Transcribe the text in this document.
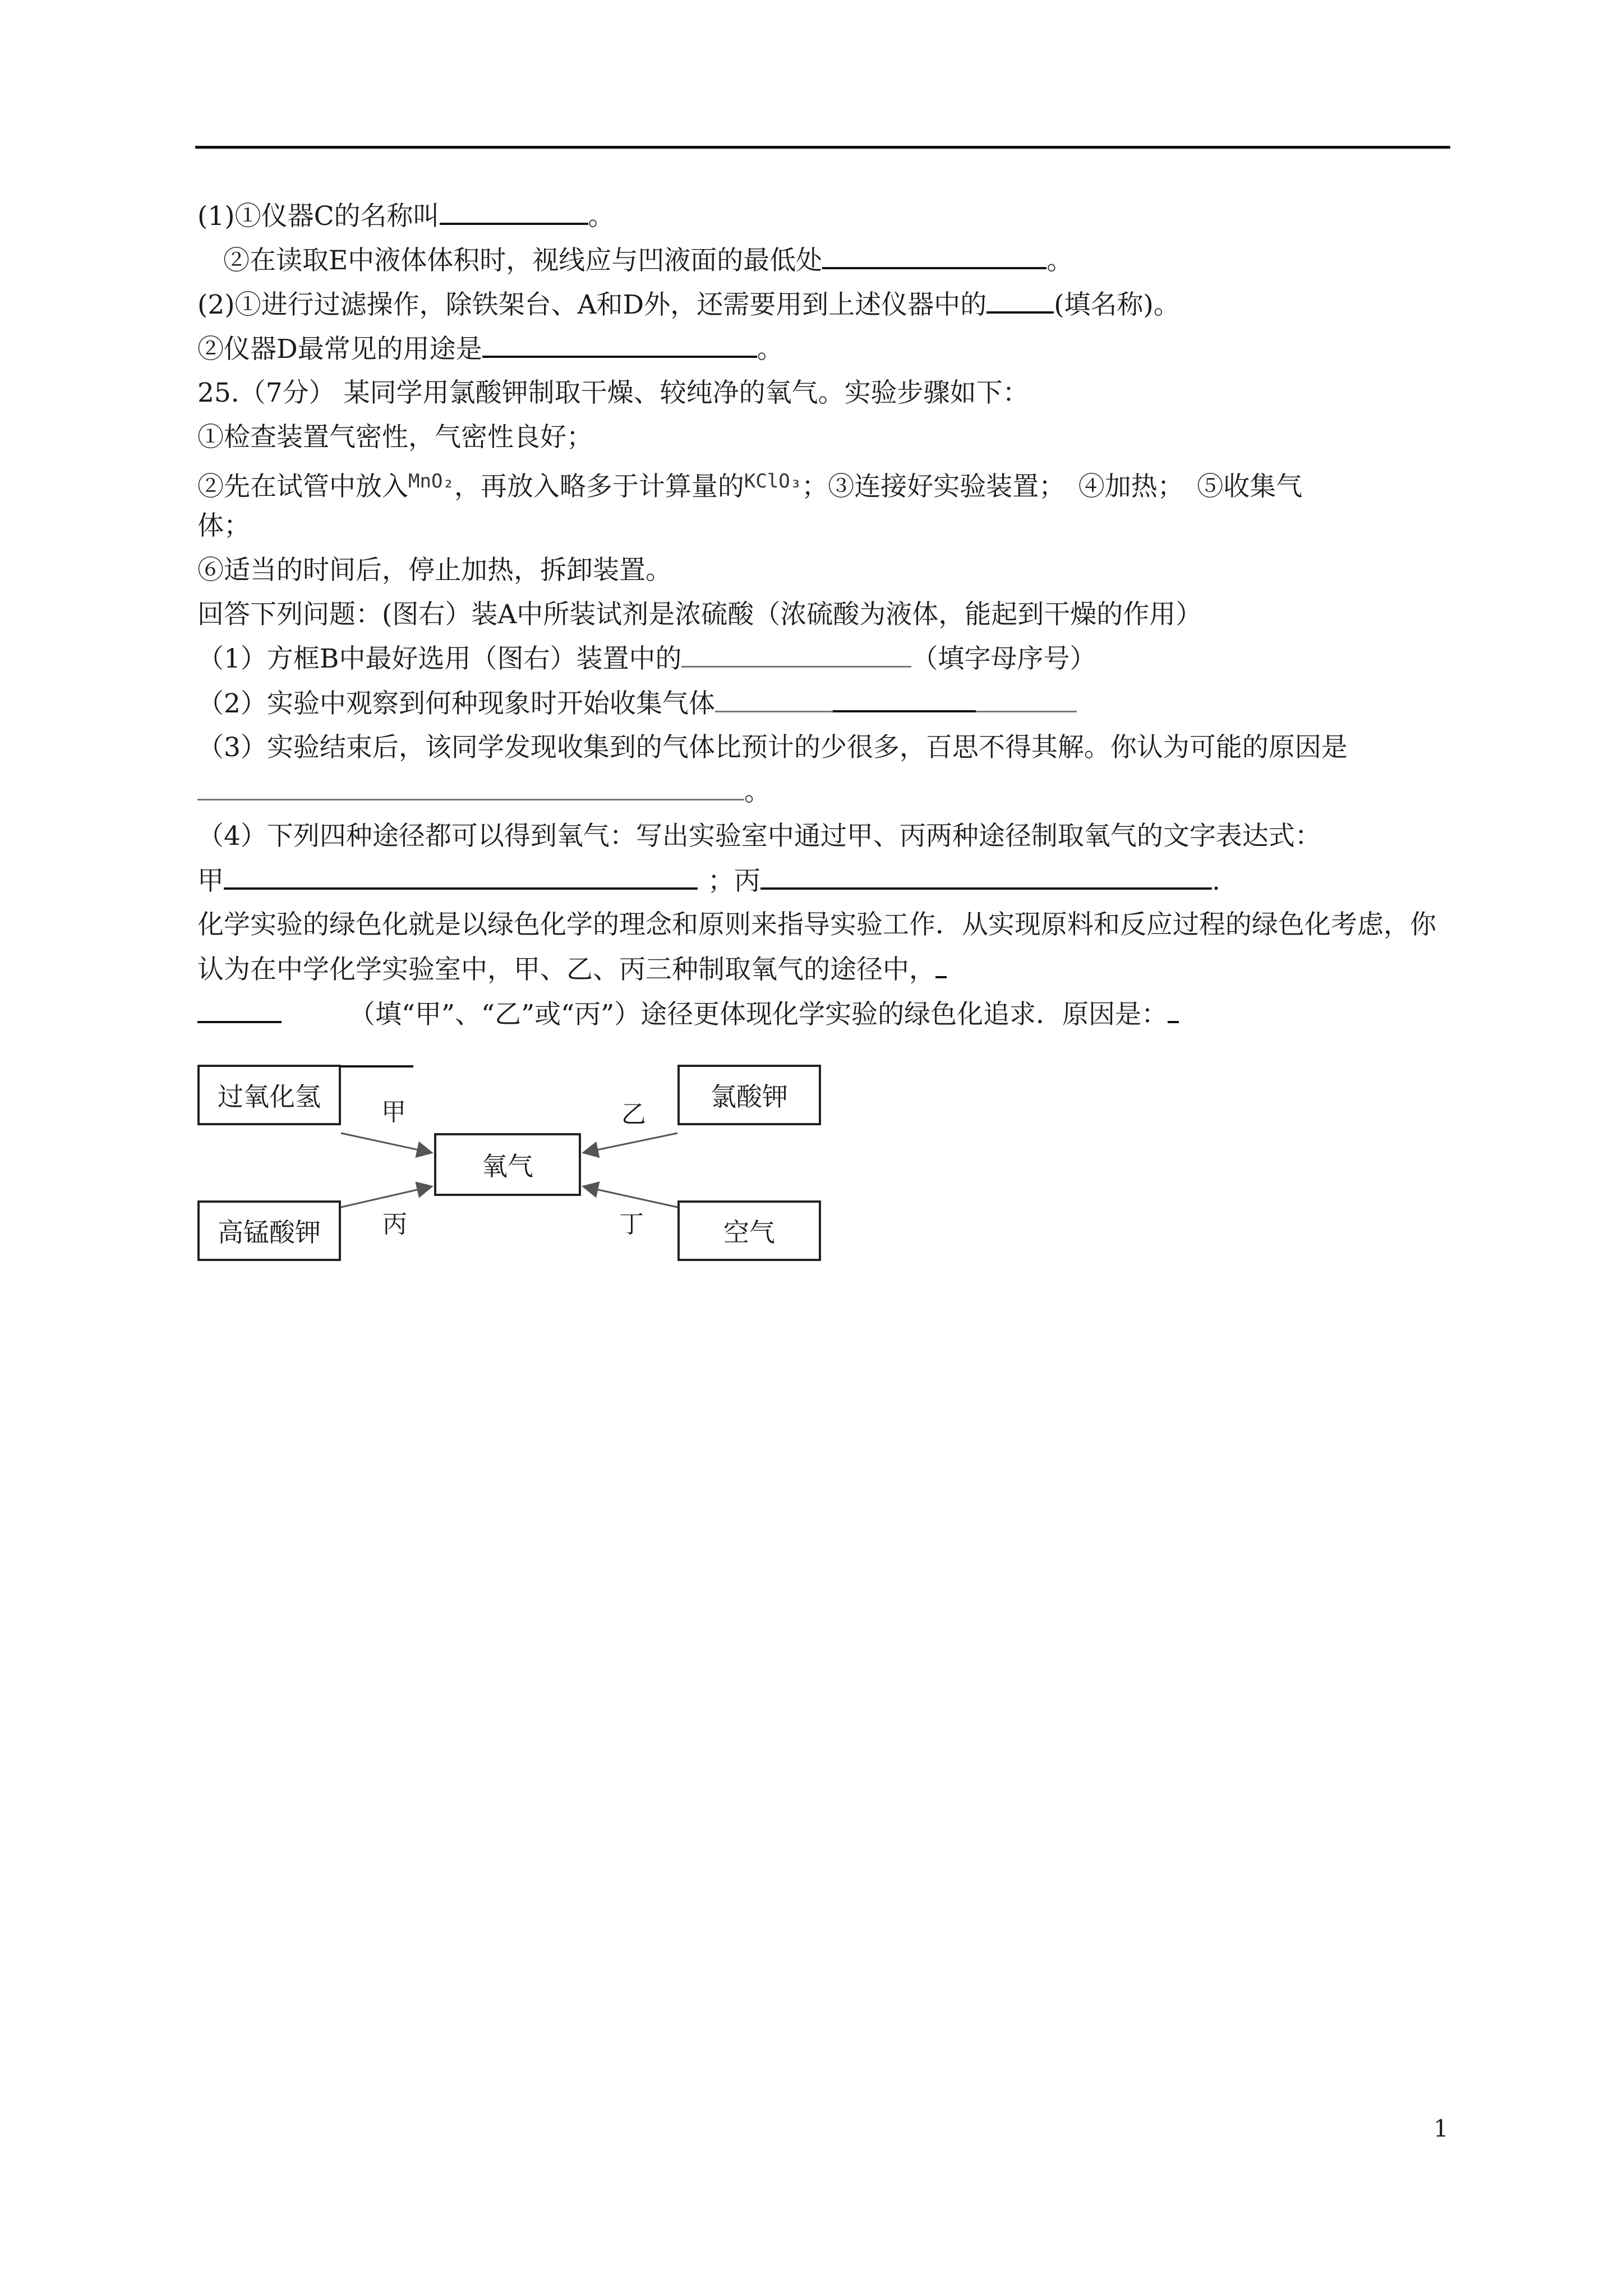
(1)①仪器C的名称叫	。
②在读取E中液体体积时，视线应与凹液面的最低处	。
(2)①进行过滤操作，除铁架台、A和D外，还需要用到上述仪器中的	(填名称)。
②仪器D最常见的用途是	。
25.（7分） 某同学用氯酸钾制取干燥、较纯净的氧气。实验步骤如下：
①检查装置气密性，气密性良好；
②先在试管中放入$^{MnO_2}$，再放入略多于计算量的$^{KClO_3}$；③连接好实验装置；　④加热；　⑤收集气
体；
⑥适当的时间后，停止加热，拆卸装置。
回答下列问题：(图右）装A中所装试剂是浓硫酸（浓硫酸为液体，能起到干燥的作用）
（1）方框B中最好选用（图右）装置中的	（填字母序号）
（2）实验中观察到何种现象时开始收集气体
（3）实验结束后，该同学发现收集到的气体比预计的少很多，百思不得其解。你认为可能的原因是
。
（4）下列四种途径都可以得到氧气：写出实验室中通过甲、丙两种途径制取氧气的文字表达式：
甲	；丙	.
化学实验的绿色化就是以绿色化学的理念和原则来指导实验工作．从实现原料和反应过程的绿色化考虑，你认为在中学化学实验室中，甲、乙、丙三种制取氧气的途径中，
（填“甲”、“乙”或“丙”）途径更体现化学实验的绿色化追求．原因是：
过氧化氢	氯酸钾
高锰酸钾	空气
氧气
甲	乙
丙	丁
1
